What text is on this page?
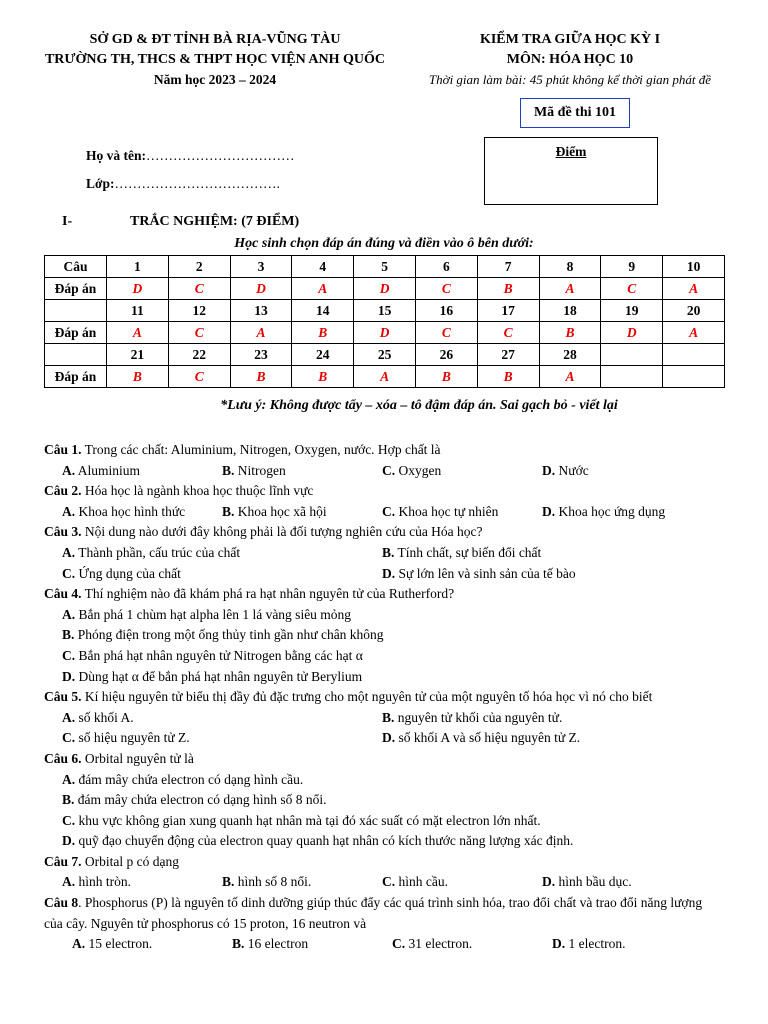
SỞ GD & ĐT TỈNH BÀ RỊA-VŨNG TÀU
TRƯỜNG TH, THCS & THPT HỌC VIỆN ANH QUỐC
Năm học 2023 – 2024
KIỂM TRA GIỮA HỌC KỲ I
MÔN: HÓA HỌC 10
Thời gian làm bài: 45 phút không kể thời gian phát đề
Mã đề thi 101
Điểm
Họ và tên:……………………………
Lớp:……………………………….
I-	TRẮC NGHIỆM: (7 ĐIỂM)
Học sinh chọn đáp án đúng và điền vào ô bên dưới:
Câu	1	2	3	4	5	6	7	8	9	10
Đáp án	D	C	D	A	D	C	B	A	C	A
	11	12	13	14	15	16	17	18	19	20
Đáp án	A	C	A	B	D	C	C	B	D	A
	21	22	23	24	25	26	27	28		
Đáp án	B	C	B	B	A	B	B	A		
*Lưu ý: Không được tẩy – xóa – tô đậm đáp án. Sai gạch bỏ - viết lại
Câu 1. Trong các chất: Aluminium, Nitrogen, Oxygen, nước. Hợp chất là
A. Aluminium	B. Nitrogen	C. Oxygen	D. Nước
Câu 2. Hóa học là ngành khoa học thuộc lĩnh vực
A. Khoa học hình thức	B. Khoa học xã hội	C. Khoa học tự nhiên	D. Khoa học ứng dụng
Câu 3. Nội dung nào dưới đây không phải là đối tượng nghiên cứu của Hóa học?
A. Thành phần, cấu trúc của chất	B. Tính chất, sự biến đổi chất
C. Ứng dụng của chất	D. Sự lớn lên và sinh sản của tế bào
Câu 4. Thí nghiệm nào đã khám phá ra hạt nhân nguyên tử của Rutherford?
A. Bắn phá 1 chùm hạt alpha lên 1 lá vàng siêu mỏng
B. Phóng điện trong một ống thủy tinh gần như chân không
C. Bắn phá hạt nhân nguyên tử Nitrogen bằng các hạt α
D. Dùng hạt α để bắn phá hạt nhân nguyên tử Berylium
Câu 5. Kí hiệu nguyên tử biểu thị đầy đủ đặc trưng cho một nguyên tử của một nguyên tố hóa học vì nó cho biết
A. số khối A.	B. nguyên tử khối của nguyên tử.
C. số hiệu nguyên tử Z.	D. số khối A và số hiệu nguyên tử Z.
Câu 6. Orbital nguyên tử là
A. đám mây chứa electron có dạng hình cầu.
B. đám mây chứa electron có dạng hình số 8 nổi.
C. khu vực không gian xung quanh hạt nhân mà tại đó xác suất có mặt electron lớn nhất.
D. quỹ đạo chuyển động của electron quay quanh hạt nhân có kích thước năng lượng xác định.
Câu 7. Orbital p có dạng
A. hình tròn.	B. hình số 8 nổi.	C. hình cầu.	D. hình bầu dục.
Câu 8. Phosphorus (P) là nguyên tố dinh dưỡng giúp thúc đẩy các quá trình sinh hóa, trao đổi chất và trao đổi năng lượng của cây. Nguyên tử phosphorus có 15 proton, 16 neutron và
A. 15 electron.	B. 16 electron	C. 31 electron.	D. 1 electron.
